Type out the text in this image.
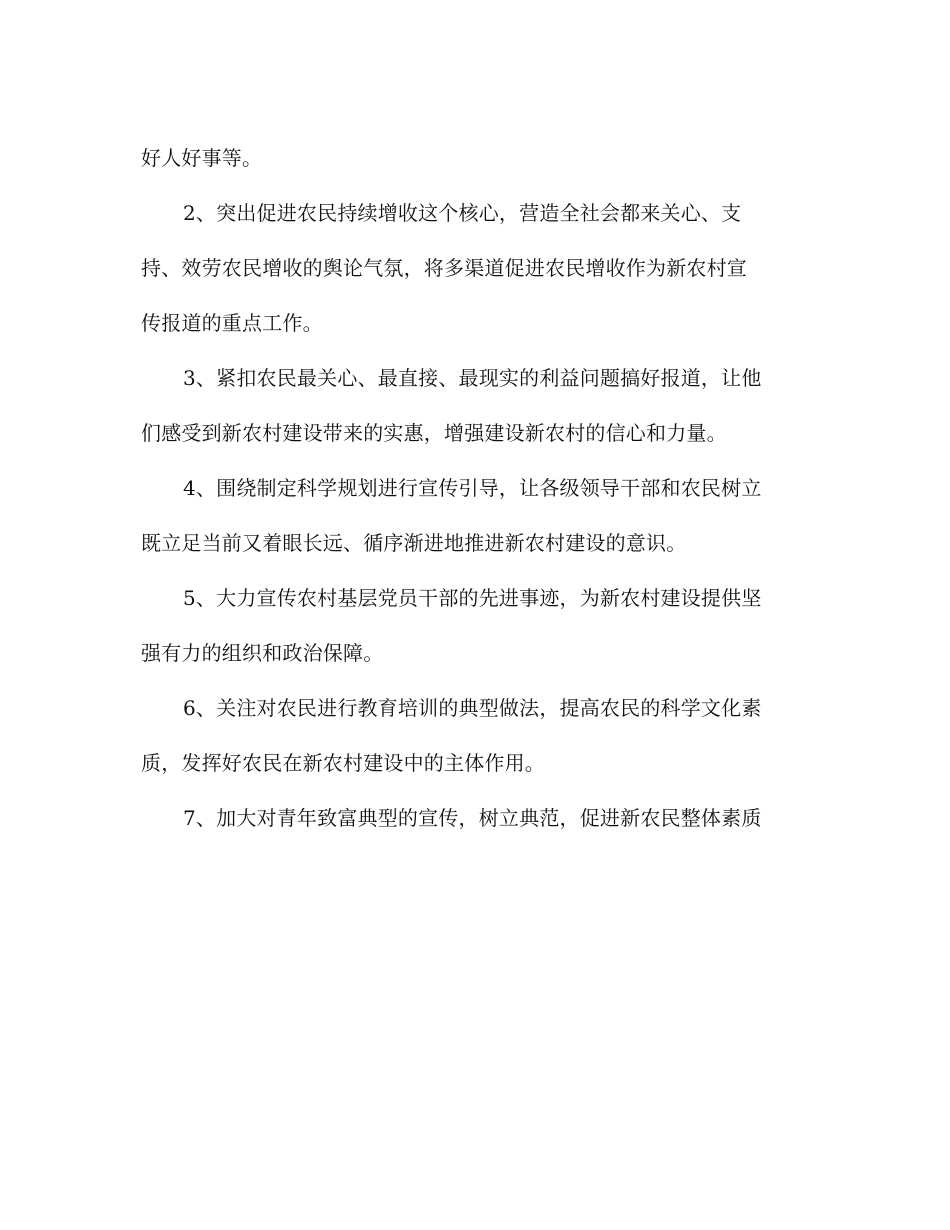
好人好事等。
2、突出促进农民持续增收这个核心，营造全社会都来关心、支
持、效劳农民增收的舆论气氛，将多渠道促进农民增收作为新农村宣
传报道的重点工作。
3、紧扣农民最关心、最直接、最现实的利益问题搞好报道，让他
们感受到新农村建设带来的实惠，增强建设新农村的信心和力量。
4、围绕制定科学规划进行宣传引导，让各级领导干部和农民树立
既立足当前又着眼长远、循序渐进地推进新农村建设的意识。
5、大力宣传农村基层党员干部的先进事迹，为新农村建设提供坚
强有力的组织和政治保障。
6、关注对农民进行教育培训的典型做法，提高农民的科学文化素
质，发挥好农民在新农村建设中的主体作用。
7、加大对青年致富典型的宣传，树立典范，促进新农民整体素质
